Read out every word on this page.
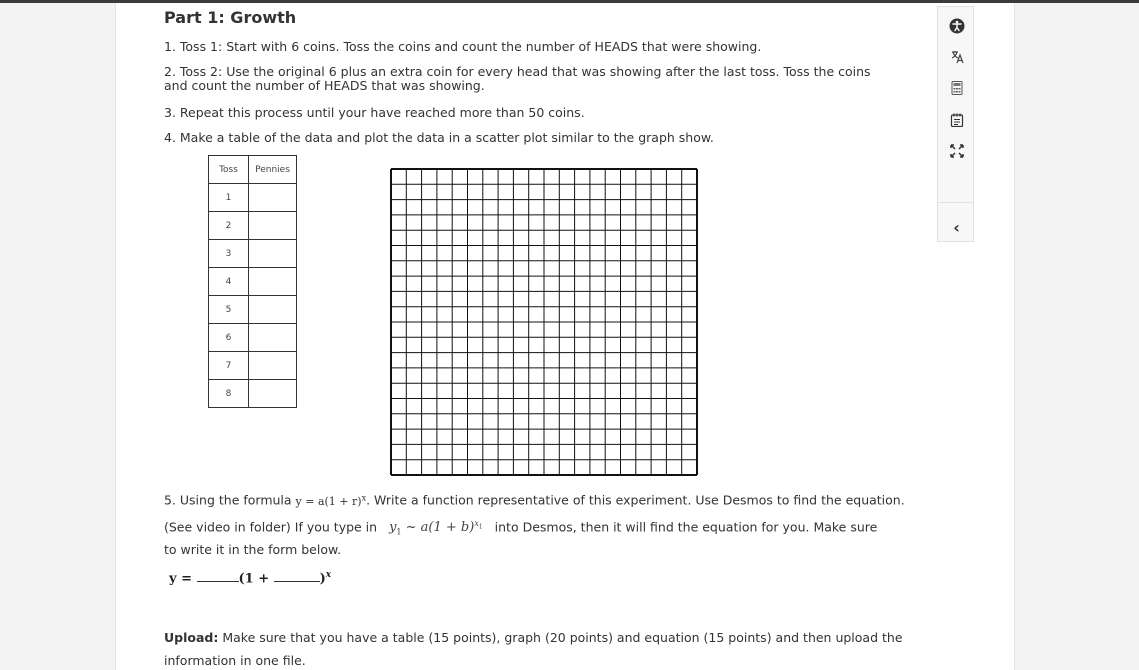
Part 1: Growth
1. Toss 1: Start with 6 coins. Toss the coins and count the number of HEADS that were showing.
2. Toss 2: Use the original 6 plus an extra coin for every head that was showing after the last toss. Toss the coins and count the number of HEADS that was showing.
3. Repeat this process until your have reached more than 50 coins.
4. Make a table of the data and plot the data in a scatter plot similar to the graph show.
Toss	Pennies
1	
2	
3	
4	
5	
6	
7	
8	
5. Using the formula $y = a(1 + r)^x$. Write a function representative of this experiment. Use Desmos to find the equation.
(See video in folder) If you type in $y_1$ ~ $a(1 + b)^{x_1}$ into Desmos, then it will find the equation for you. Make sure
to write it in the form below.
y =	(1 +	)$^x$
Upload: Make sure that you have a table (15 points), graph (20 points) and equation (15 points) and then upload the
information in one file.
‹
